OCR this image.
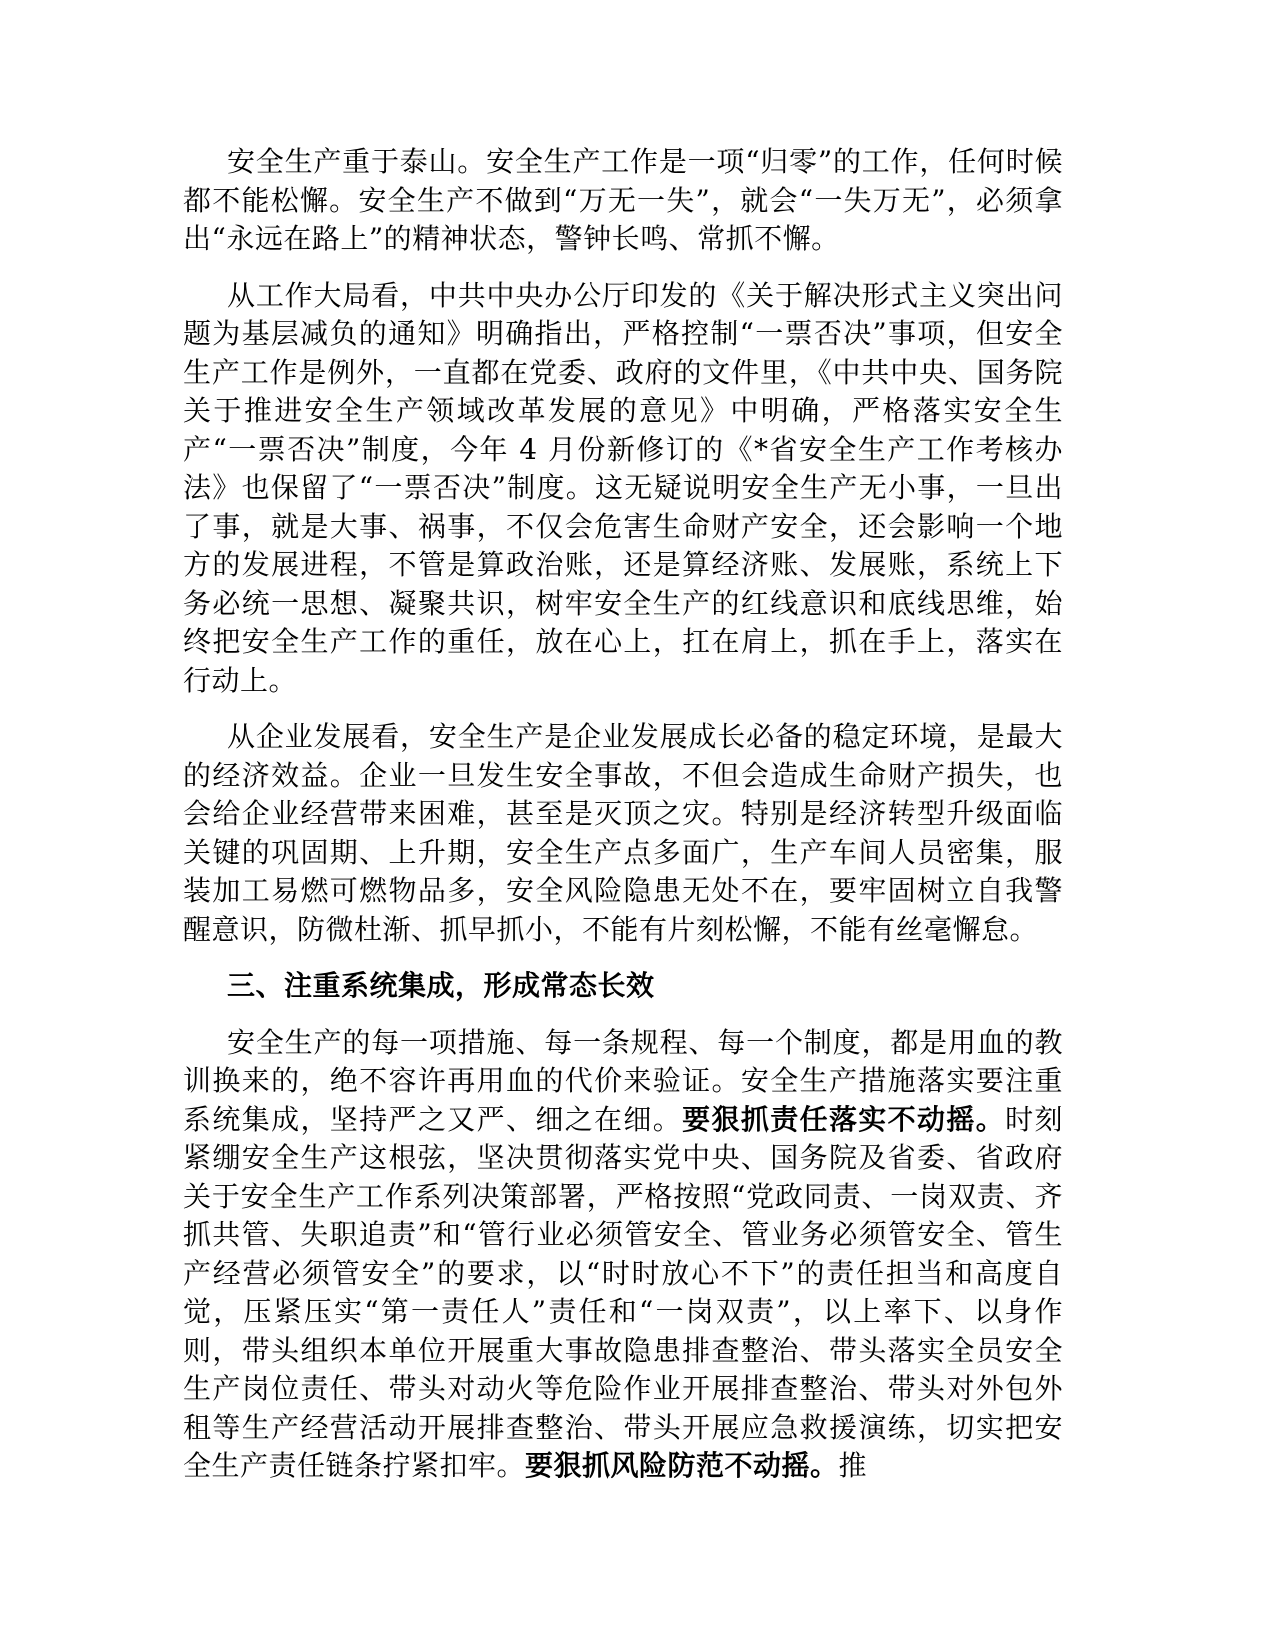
安全生产重于泰山。安全生产工作是一项“归零”的工作，任何时候都不能松懈。安全生产不做到“万无一失”，就会“一失万无”，必须拿出“永远在路上”的精神状态，警钟长鸣、常抓不懈。

从工作大局看，中共中央办公厅印发的《关于解决形式主义突出问题为基层减负的通知》明确指出，严格控制“一票否决”事项，但安全生产工作是例外，一直都在党委、政府的文件里，《中共中央、国务院关于推进安全生产领域改革发展的意见》中明确，严格落实安全生产“一票否决”制度，今年 4 月份新修订的《*省安全生产工作考核办法》也保留了“一票否决”制度。这无疑说明安全生产无小事，一旦出了事，就是大事、祸事，不仅会危害生命财产安全，还会影响一个地方的发展进程，不管是算政治账，还是算经济账、发展账，系统上下务必统一思想、凝聚共识，树牢安全生产的红线意识和底线思维，始终把安全生产工作的重任，放在心上，扛在肩上，抓在手上，落实在行动上。

从企业发展看，安全生产是企业发展成长必备的稳定环境，是最大的经济效益。企业一旦发生安全事故，不但会造成生命财产损失，也会给企业经营带来困难，甚至是灭顶之灾。特别是经济转型升级面临关键的巩固期、上升期，安全生产点多面广，生产车间人员密集，服装加工易燃可燃物品多，安全风险隐患无处不在，要牢固树立自我警醒意识，防微杜渐、抓早抓小，不能有片刻松懈，不能有丝毫懈怠。

三、注重系统集成，形成常态长效

安全生产的每一项措施、每一条规程、每一个制度，都是用血的教训换来的，绝不容许再用血的代价来验证。安全生产措施落实要注重系统集成，坚持严之又严、细之在细。要狠抓责任落实不动摇。时刻紧绷安全生产这根弦，坚决贯彻落实党中央、国务院及省委、省政府关于安全生产工作系列决策部署，严格按照“党政同责、一岗双责、齐抓共管、失职追责”和“管行业必须管安全、管业务必须管安全、管生产经营必须管安全”的要求，以“时时放心不下”的责任担当和高度自觉，压紧压实“第一责任人”责任和“一岗双责”，以上率下、以身作则，带头组织本单位开展重大事故隐患排查整治、带头落实全员安全生产岗位责任、带头对动火等危险作业开展排查整治、带头对外包外租等生产经营活动开展排查整治、带头开展应急救援演练，切实把安全生产责任链条拧紧扣牢。要狠抓风险防范不动摇。推
